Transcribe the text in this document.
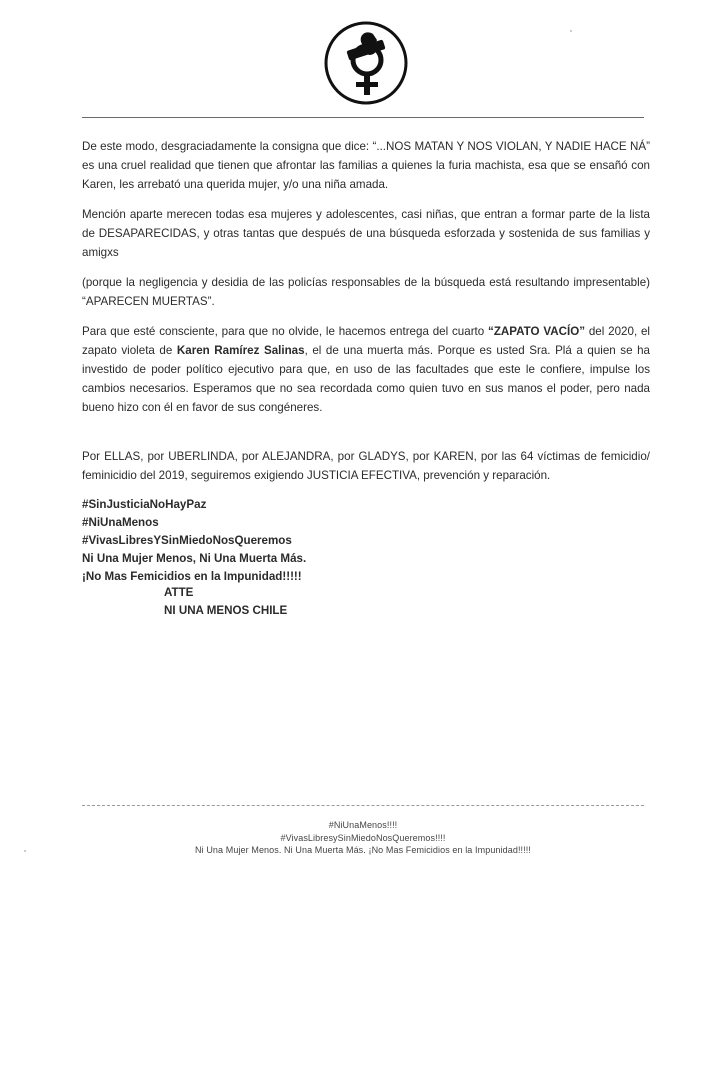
De este modo, desgraciadamente la consigna que dice: “...NOS MATAN Y NOS VIOLAN, Y NADIE HACE NÁ” es una cruel realidad que tienen que afrontar las familias a quienes la furia machista, esa que se ensañó con Karen, les arrebató una querida mujer, y/o una niña amada.

Mención aparte merecen todas esa mujeres y adolescentes, casi niñas, que entran a formar parte de la lista de DESAPARECIDAS, y otras tantas que después de una búsqueda esforzada y sostenida de sus familias y amigxs

(porque la negligencia y desidia de las policías responsables de la búsqueda está resultando impresentable) “APARECEN MUERTAS”.

Para que esté consciente, para que no olvide, le hacemos entrega del cuarto “ZAPATO VACÍO” del 2020, el zapato violeta de Karen Ramírez Salinas, el de una muerta más. Porque es usted Sra. Plá a quien se ha investido de poder político ejecutivo para que, en uso de las facultades que este le confiere, impulse los cambios necesarios. Esperamos que no sea recordada como quien tuvo en sus manos el poder, pero nada bueno hizo con él en favor de sus congéneres.

Por ELLAS, por UBERLINDA, por ALEJANDRA, por GLADYS, por KAREN, por las 64 víctimas de femicidio/ feminicidio del 2019, seguiremos exigiendo JUSTICIA EFECTIVA, prevención y reparación.

#SinJusticiaNoHayPaz
#NiUnaMenos
#VivasLibresYSinMiedoNosQueremos
Ni Una Mujer Menos, Ni Una Muerta Más.
¡No Mas Femicidios en la Impunidad!!!!!
ATTE
NI UNA MENOS CHILE
#NiUnaMenos!!!!
#VivasLibresySinMiedoNosQueremos!!!!
Ni Una Mujer Menos. Ni Una Muerta Más. ¡No Mas Femicidios en la Impunidad!!!!!
